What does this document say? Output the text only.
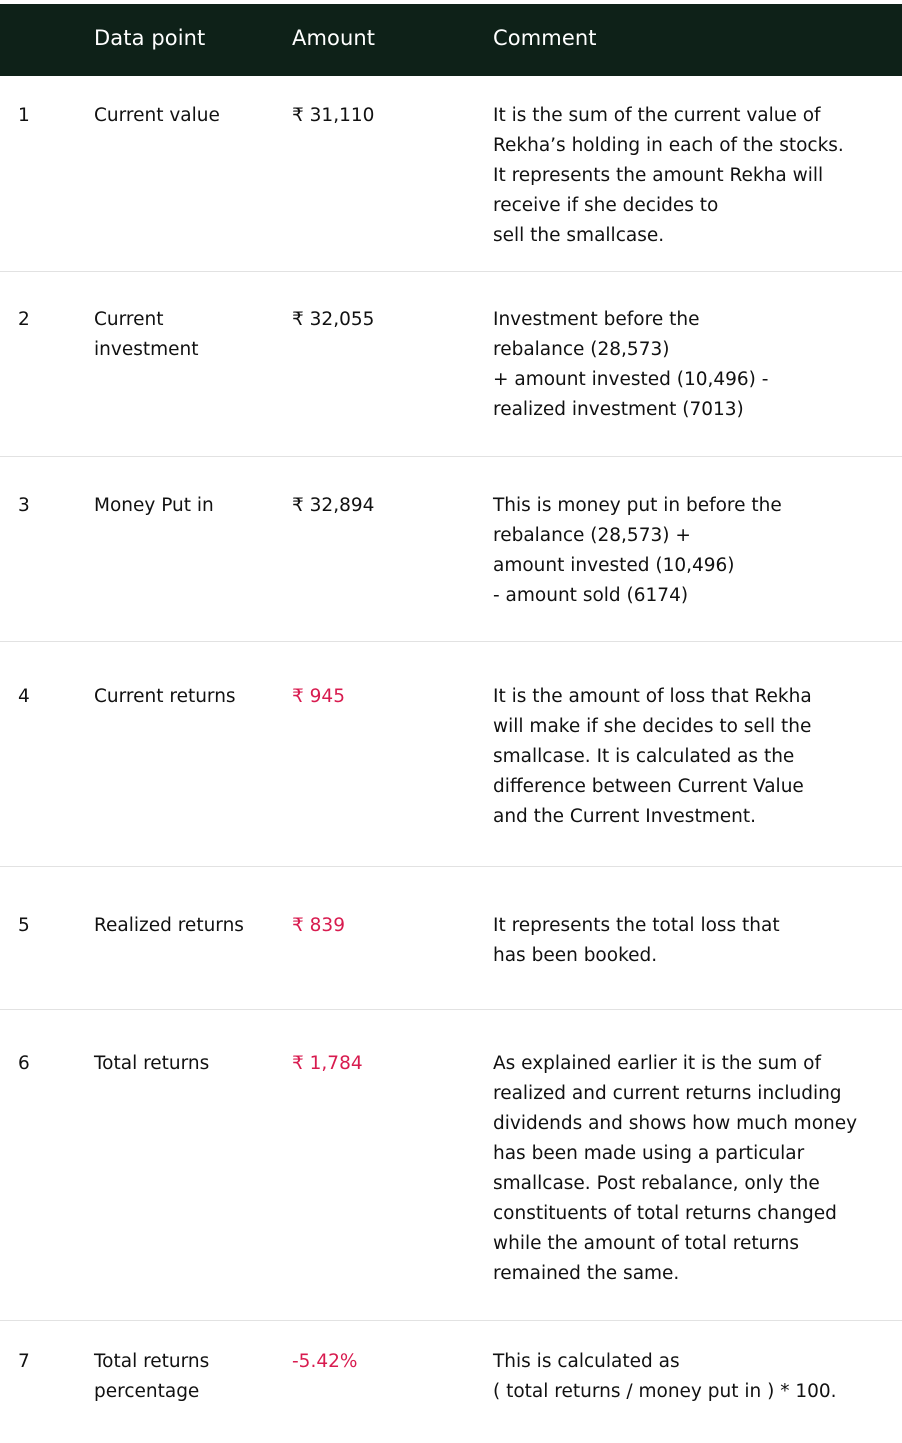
Data point	Amount	Comment
1	Current value	₹ 31,110	It is the sum of the current value of
Rekha’s holding in each of the stocks.
It represents the amount Rekha will
receive if she decides to
sell the smallcase.
2	Current
investment
₹ 32,055	Investment before the
rebalance (28,573)
+ amount invested (10,496) -
realized investment (7013)
3	Money Put in	₹ 32,894	This is money put in before the
rebalance (28,573) +
amount invested (10,496)
- amount sold (6174)
4	Current returns	₹ 945	It is the amount of loss that Rekha
will make if she decides to sell the
smallcase. It is calculated as the
difference between Current Value
and the Current Investment.
5	Realized returns	₹ 839	It represents the total loss that
has been booked.
6	Total returns	₹ 1,784	As explained earlier it is the sum of
realized and current returns including
dividends and shows how much money
has been made using a particular
smallcase. Post rebalance, only the
constituents of total returns changed
while the amount of total returns
remained the same.
7	Total returns
percentage
-5.42%	This is calculated as
( total returns / money put in ) * 100.
